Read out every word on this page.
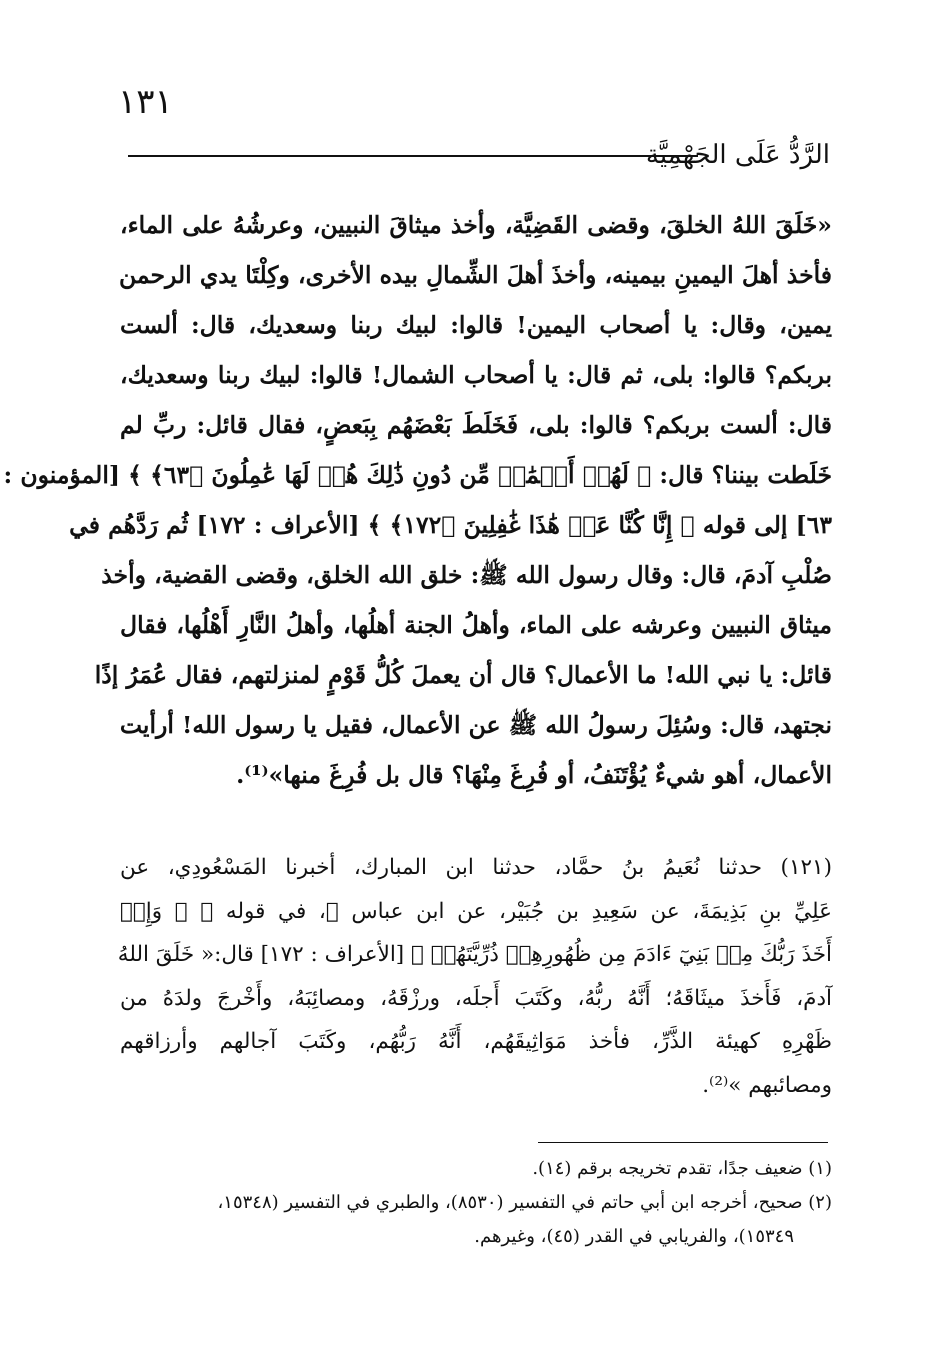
١٣١
الرَّدُّ عَلَى الجَهْمِيَّة
«خَلَقَ اللهُ الخلقَ، وقضى القَضِيَّة، وأخذ ميثاقَ النبيين، وعرشُهُ على الماء،
فأخذ أهلَ اليمينِ بيمينه، وأخذَ أهلَ الشِّمالِ بيده الأخرى، وكِلْتَا يدي الرحمن
يمين، وقال: يا أصحاب اليمين! قالوا: لبيك ربنا وسعديك، قال: ألست
بربكم؟ قالوا: بلى، ثم قال: يا أصحاب الشمال! قالوا: لبيك ربنا وسعديك،
قال: ألست بربكم؟ قالوا: بلى، فَخَلَطَ بَعْضَهُم بِبَعضٍ، فقال قائل: ربِّ لم
خَلَطت بيننا؟ قال: ﴿ لَهُمۡ أَعۡمَٰلٞ مِّن دُونِ ذَٰلِكَ هُمۡ لَهَا عَٰمِلُونَ ﴿٦٣﴾ ﴾ [المؤمنون :
٦٣] إلى قوله ﴿ إِنَّا كُنَّا عَنۡ هَٰذَا غَٰفِلِينَ ﴿١٧٢﴾ ﴾ [الأعراف : ١٧٢] ثُم رَدَّهُم في
صُلْبِ آدمَ، قال: وقال رسول الله ﷺ: خلق الله الخلق، وقضى القضية، وأخذ
ميثاق النبيين وعرشه على الماء، وأهلُ الجنة أهلُها، وأهلُ النَّارِ أَهْلُها، فقال
قائل: يا نبي الله! ما الأعمال؟ قال أن يعملَ كُلُّ قَوْمٍ لمنزلتهم، فقال عُمَرُ إذًا
نجتهد، قال: وسُئِلَ رسولُ الله ﷺ عن الأعمال، فقيل يا رسول الله! أرأيت
الأعمال، أهو شيءٌ يُؤْتَنَفُ، أو فُرِغَ مِنْهَا؟ قال بل فُرِغَ منها»⁽¹⁾.
(١٢١) حدثنا نُعَيمُ بنُ حمَّاد، حدثنا ابن المبارك، أخبرنا المَسْعُودِي، عن
عَلِيِّ بنِ بَذِيمَةَ، عن سَعِيدِ بن جُبَيْر، عن ابن عباس ﷺ، في قوله ﷻ ﴿ وَإِذۡ
أَخَذَ رَبُّكَ مِنۢ بَنِيٓ ءَادَمَ مِن ظُهُورِهِمۡ ذُرِّيَّتَهُمۡ ﴾ [الأعراف : ١٧٢] قال:« خَلَقَ اللهُ
آدمَ، فَأَخذَ ميثَاقَهُ؛ أَنَّهُ ربُّهُ، وكَتَبَ أَجلَه، ورزْقَهُ، ومصائِبَهُ، وأَخْرجَ ولدَهُ من
ظَهْرِهِ كهيئة الذَّرِّ، فأخذ مَوَاثِيقَهُم، أَنَّهُ رَبُّهُم، وكَتَبَ آجالهم وأرزاقهم
ومصائبهم »⁽²⁾.
(١) ضعيف جدًا، تقدم تخريجه برقم (١٤).
(٢) صحيح، أخرجه ابن أبي حاتم في التفسير (٨٥٣٠)، والطبري في التفسير (١٥٣٤٨،
١٥٣٤٩)، والفريابي في القدر (٤٥)، وغيرهم.
